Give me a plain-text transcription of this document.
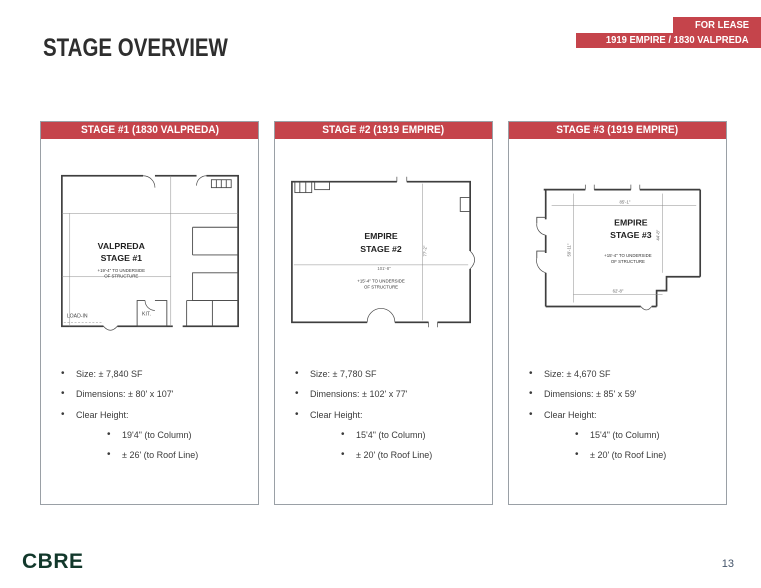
STAGE OVERVIEW
FOR LEASE
1919 EMPIRE / 1830 VALPREDA
STAGE #1 (1830 VALPREDA)
VALPREDA
STAGE #1
+19'-4" TO UNDERSIDE
OF STRUCTURE
LOAD-IN	KIT.
• Size: ± 7,840 SF
• Dimensions: ± 80' x 107'
• Clear Height:
• 19'4" (to Column)
• ± 26' (to Roof Line)
STAGE #2 (1919 EMPIRE)
101'-8"
77'-2"
EMPIRE
STAGE #2
+15'-4" TO UNDERSIDE
OF STRUCTURE
• Size: ± 7,780 SF
• Dimensions: ± 102' x 77'
• Clear Height:
• 15'4" (to Column)
• ± 20' (to Roof Line)
STAGE #3 (1919 EMPIRE)
85'-1"
59'-11"
44'-8"
62'-8"
EMPIRE
STAGE #3
+15'-4" TO UNDERSIDE
OF STRUCTURE
• Size: ± 4,670 SF
• Dimensions: ± 85' x 59'
• Clear Height:
• 15'4" (to Column)
• ± 20' (to Roof Line)
CBRE	13
